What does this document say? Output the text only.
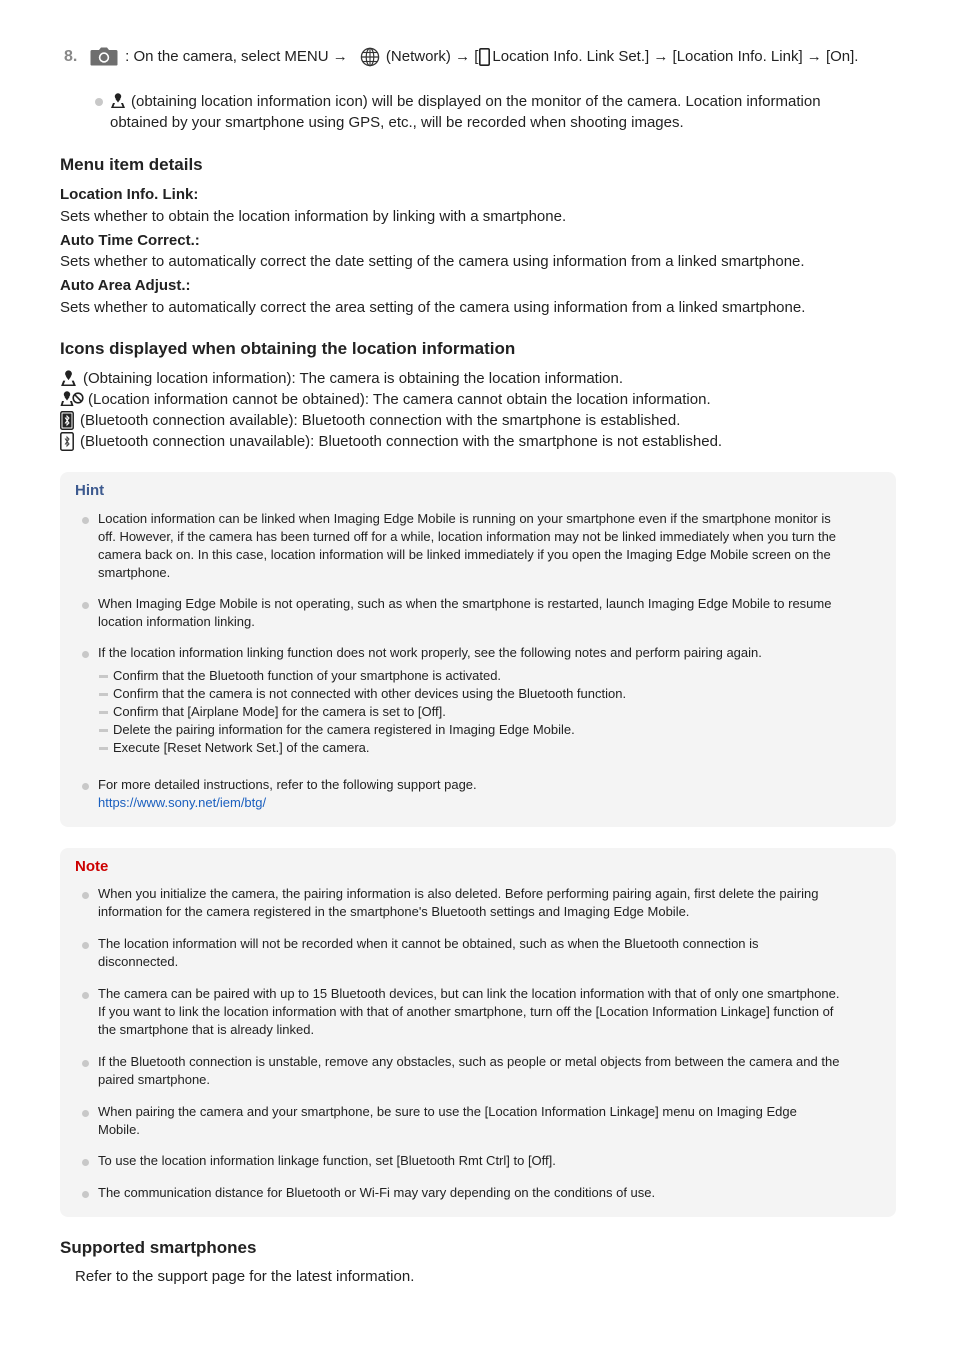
8.	: On the camera, select MENU → (Network) → [ Location Info. Link Set.] → [Location Info. Link] → [On].
(obtaining location information icon) will be displayed on the monitor of the camera. Location information
obtained by your smartphone using GPS, etc., will be recorded when shooting images.
Menu item details
Location Info. Link:
Sets whether to obtain the location information by linking with a smartphone.
Auto Time Correct.:
Sets whether to automatically correct the date setting of the camera using information from a linked smartphone.
Auto Area Adjust.:
Sets whether to automatically correct the area setting of the camera using information from a linked smartphone.
Icons displayed when obtaining the location information
(Obtaining location information): The camera is obtaining the location information.
(Location information cannot be obtained): The camera cannot obtain the location information.
(Bluetooth connection available): Bluetooth connection with the smartphone is established.
(Bluetooth connection unavailable): Bluetooth connection with the smartphone is not established.
Hint
Location information can be linked when Imaging Edge Mobile is running on your smartphone even if the smartphone monitor is
off. However, if the camera has been turned off for a while, location information may not be linked immediately when you turn the
camera back on. In this case, location information will be linked immediately if you open the Imaging Edge Mobile screen on the
smartphone.
When Imaging Edge Mobile is not operating, such as when the smartphone is restarted, launch Imaging Edge Mobile to resume
location information linking.
If the location information linking function does not work properly, see the following notes and perform pairing again.
Confirm that the Bluetooth function of your smartphone is activated.
Confirm that the camera is not connected with other devices using the Bluetooth function.
Confirm that [Airplane Mode] for the camera is set to [Off].
Delete the pairing information for the camera registered in Imaging Edge Mobile.
Execute [Reset Network Set.] of the camera.
For more detailed instructions, refer to the following support page.
https://www.sony.net/iem/btg/
Note
When you initialize the camera, the pairing information is also deleted. Before performing pairing again, first delete the pairing
information for the camera registered in the smartphone's Bluetooth settings and Imaging Edge Mobile.
The location information will not be recorded when it cannot be obtained, such as when the Bluetooth connection is
disconnected.
The camera can be paired with up to 15 Bluetooth devices, but can link the location information with that of only one smartphone.
If you want to link the location information with that of another smartphone, turn off the [Location Information Linkage] function of
the smartphone that is already linked.
If the Bluetooth connection is unstable, remove any obstacles, such as people or metal objects from between the camera and the
paired smartphone.
When pairing the camera and your smartphone, be sure to use the [Location Information Linkage] menu on Imaging Edge
Mobile.
To use the location information linkage function, set [Bluetooth Rmt Ctrl] to [Off].
The communication distance for Bluetooth or Wi-Fi may vary depending on the conditions of use.
Supported smartphones
Refer to the support page for the latest information.
